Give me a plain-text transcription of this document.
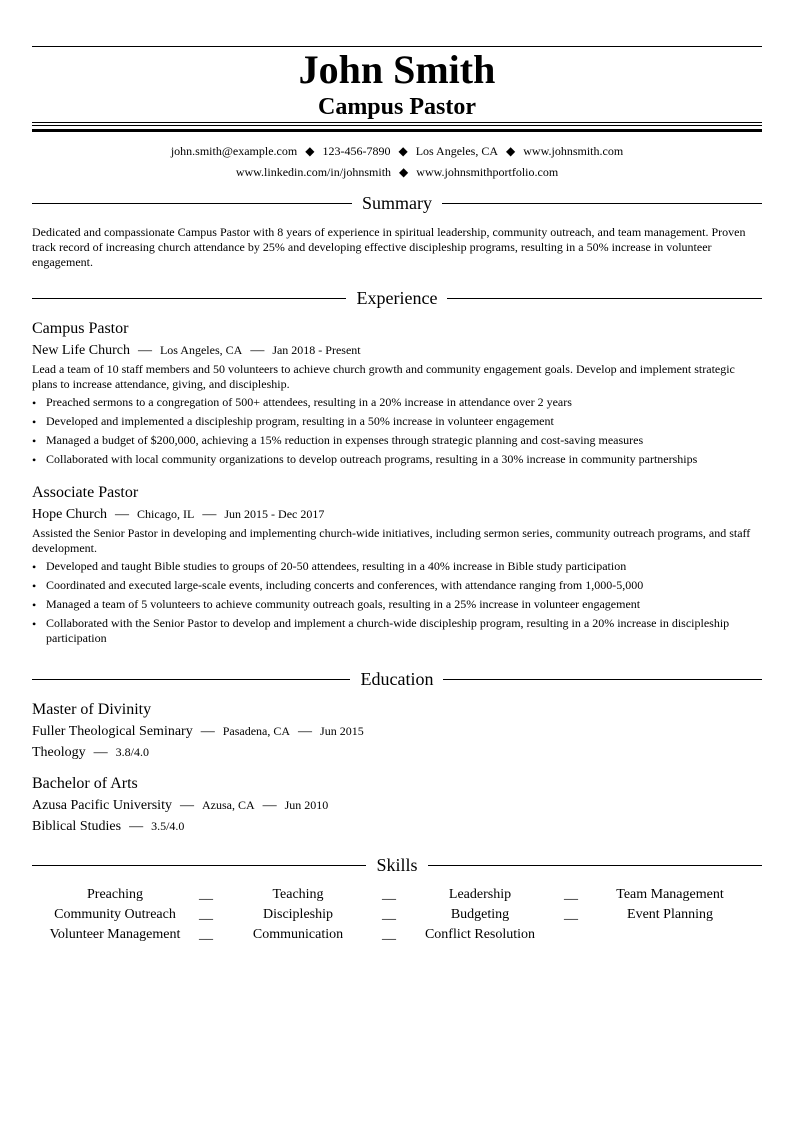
John Smith
Campus Pastor
john.smith@example.com ◆ 123-456-7890 ◆ Los Angeles, CA ◆ www.johnsmith.com
www.linkedin.com/in/johnsmith ◆ www.johnsmithportfolio.com
Summary
Dedicated and compassionate Campus Pastor with 8 years of experience in spiritual leadership, community outreach, and team management. Proven track record of increasing church attendance by 25% and developing effective discipleship programs, resulting in a 50% increase in volunteer engagement.
Experience
Campus Pastor
New Life Church — Los Angeles, CA — Jan 2018 - Present
Lead a team of 10 staff members and 50 volunteers to achieve church growth and community engagement goals. Develop and implement strategic plans to increase attendance, giving, and discipleship.
• Preached sermons to a congregation of 500+ attendees, resulting in a 20% increase in attendance over 2 years
• Developed and implemented a discipleship program, resulting in a 50% increase in volunteer engagement
• Managed a budget of $200,000, achieving a 15% reduction in expenses through strategic planning and cost-saving measures
• Collaborated with local community organizations to develop outreach programs, resulting in a 30% increase in community partnerships
Associate Pastor
Hope Church — Chicago, IL — Jun 2015 - Dec 2017
Assisted the Senior Pastor in developing and implementing church-wide initiatives, including sermon series, community outreach programs, and staff development.
• Developed and taught Bible studies to groups of 20-50 attendees, resulting in a 40% increase in Bible study participation
• Coordinated and executed large-scale events, including concerts and conferences, with attendance ranging from 1,000-5,000
• Managed a team of 5 volunteers to achieve community outreach goals, resulting in a 25% increase in volunteer engagement
• Collaborated with the Senior Pastor to develop and implement a church-wide discipleship program, resulting in a 20% increase in discipleship participation
Education
Master of Divinity
Fuller Theological Seminary — Pasadena, CA — Jun 2015
Theology — 3.8/4.0
Bachelor of Arts
Azusa Pacific University — Azusa, CA — Jun 2010
Biblical Studies — 3.5/4.0
Skills
Preaching	__	Teaching	__	Leadership	__	Team Management
Community Outreach	__	Discipleship	__	Budgeting	__	Event Planning
Volunteer Management	__	Communication	__	Conflict Resolution
